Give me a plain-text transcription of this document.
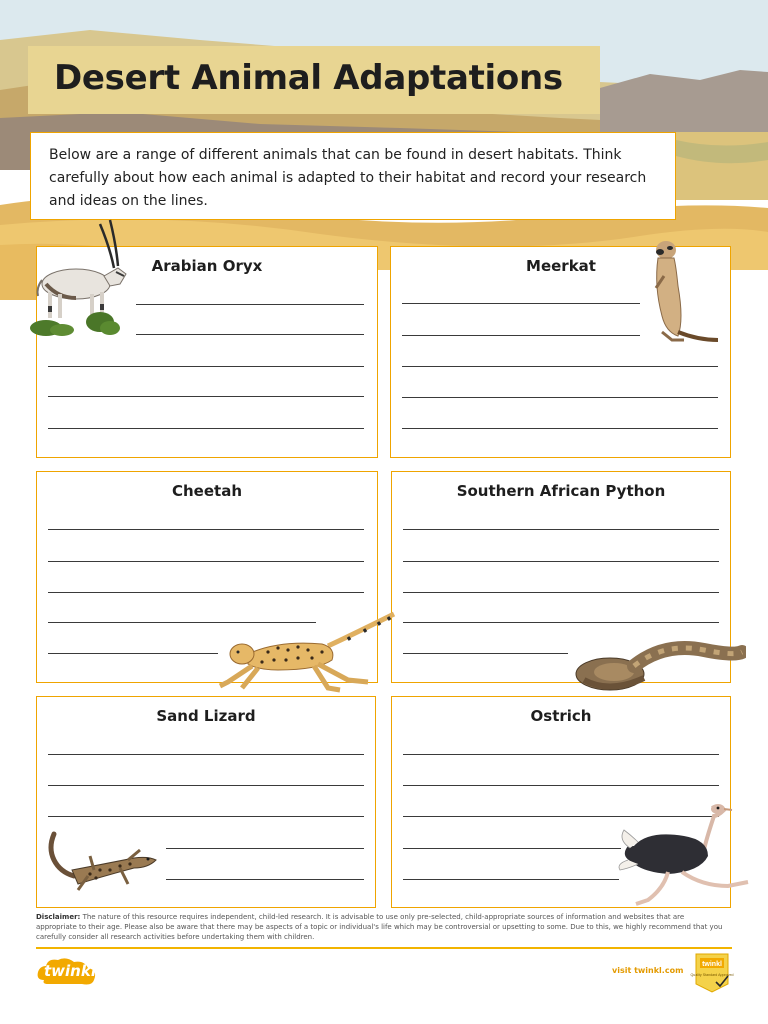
Desert Animal Adaptations
Below are a range of different animals that can be found in desert habitats. Think carefully about how each animal is adapted to their habitat and record your research and ideas on the lines.
Arabian Oryx	Meerkat
Cheetah	Southern African Python
Sand Lizard	Ostrich
Disclaimer: The nature of this resource requires independent, child-led research. It is advisable to use only pre-selected, child-appropriate sources of information and websites that are appropriate to their age. Please also be aware that there may be aspects of a topic or individual's life which may be controversial or upsetting to some. Due to this, we highly recommend that you carefully consider all research activities before undertaking them with children.
twinkl	visit twinkl.com
twinkl
Quality Standard Approved
